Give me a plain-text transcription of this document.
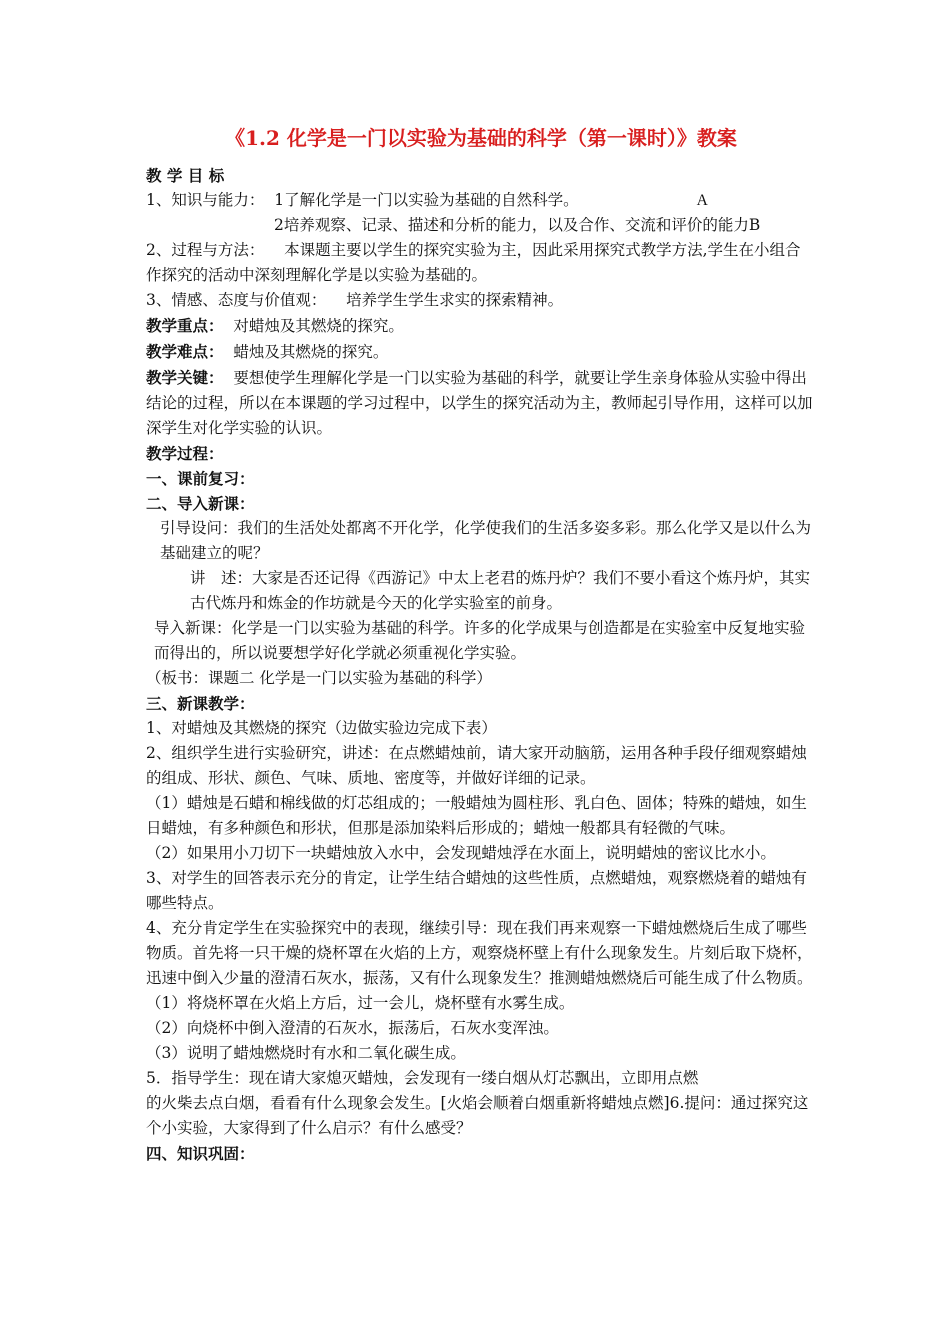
《1.2 化学是一门以实验为基础的科学（第一课时）》教案

教 学 目 标

1、知识与能力： 1了解化学是一门以实验为基础的自然科学。	A

2培养观察、记录、描述和分析的能力，以及合作、交流和评价的能力B

2、过程与方法： 本课题主要以学生的探究实验为主，因此采用探究式教学方法,学生在小组合作探究的活动中深刻理解化学是以实验为基础的。

3、情感、态度与价值观： 培养学生学生求实的探索精神。

教学重点： 对蜡烛及其燃烧的探究。

教学难点： 蜡烛及其燃烧的探究。

教学关键： 要想使学生理解化学是一门以实验为基础的科学，就要让学生亲身体验从实验中得出结论的过程，所以在本课题的学习过程中，以学生的探究活动为主，教师起引导作用，这样可以加深学生对化学实验的认识。

教学过程：

一、课前复习：

二、导入新课：

引导设问：我们的生活处处都离不开化学，化学使我们的生活多姿多彩。那么化学又是以什么为基础建立的呢？

讲　述：大家是否还记得《西游记》中太上老君的炼丹炉？我们不要小看这个炼丹炉，其实古代炼丹和炼金的作坊就是今天的化学实验室的前身。

导入新课：化学是一门以实验为基础的科学。许多的化学成果与创造都是在实验室中反复地实验而得出的，所以说要想学好化学就必须重视化学实验。

（板书：课题二 化学是一门以实验为基础的科学）

三、新课教学：

1、对蜡烛及其燃烧的探究（边做实验边完成下表）

2、组织学生进行实验研究，讲述：在点燃蜡烛前，请大家开动脑筋，运用各种手段仔细观察蜡烛的组成、形状、颜色、气味、质地、密度等，并做好详细的记录。

（1）蜡烛是石蜡和棉线做的灯芯组成的；一般蜡烛为圆柱形、乳白色、固体；特殊的蜡烛，如生日蜡烛，有多种颜色和形状，但那是添加染料后形成的；蜡烛一般都具有轻微的气味。

（2）如果用小刀切下一块蜡烛放入水中，会发现蜡烛浮在水面上，说明蜡烛的密议比水小。

3、对学生的回答表示充分的肯定，让学生结合蜡烛的这些性质，点燃蜡烛，观察燃烧着的蜡烛有哪些特点。

4、充分肯定学生在实验探究中的表现，继续引导：现在我们再来观察一下蜡烛燃烧后生成了哪些物质。首先将一只干燥的烧杯罩在火焰的上方，观察烧杯壁上有什么现象发生。片刻后取下烧杯，迅速中倒入少量的澄清石灰水，振荡，又有什么现象发生？推测蜡烛燃烧后可能生成了什么物质。

（1）将烧杯罩在火焰上方后，过一会儿，烧杯壁有水雾生成。

（2）向烧杯中倒入澄清的石灰水，振荡后，石灰水变浑浊。

（3）说明了蜡烛燃烧时有水和二氧化碳生成。

5．指导学生：现在请大家熄灭蜡烛，会发现有一缕白烟从灯芯飘出，立即用点燃

的火柴去点白烟，看看有什么现象会发生。[火焰会顺着白烟重新将蜡烛点燃]6.提问：通过探究这个小实验，大家得到了什么启示？有什么感受？

四、知识巩固：
